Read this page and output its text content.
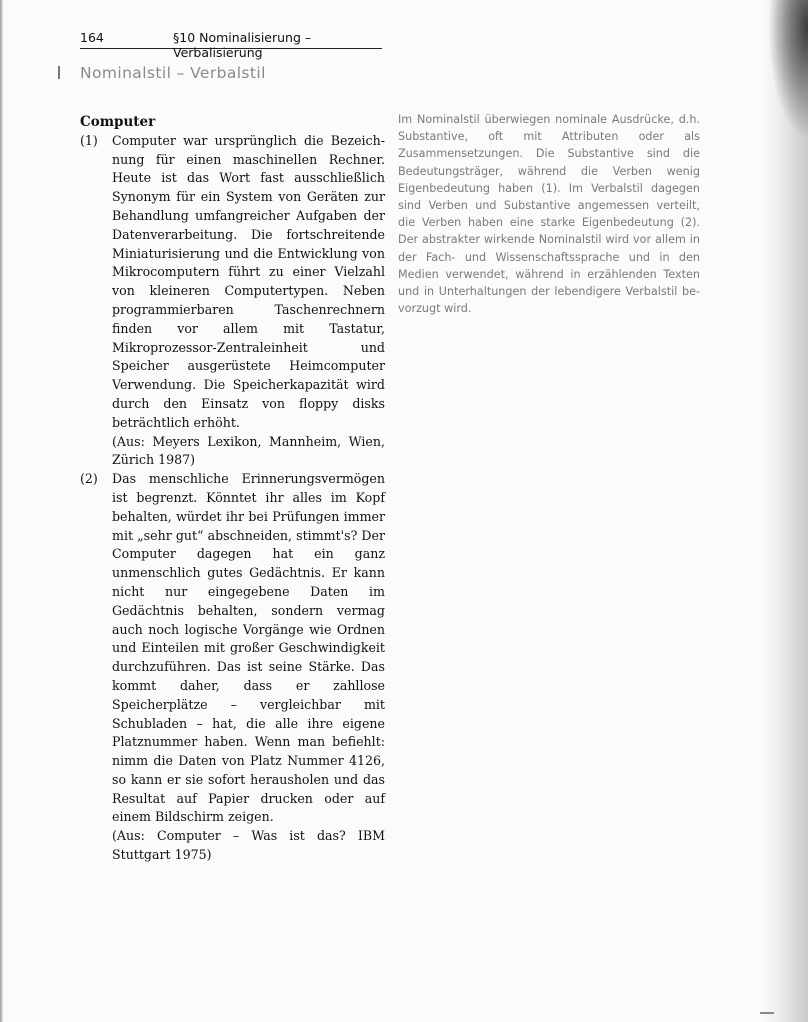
164	§10 Nominalisierung – Verbalisierung
Nominalstil – Verbalstil

Computer

(1)	Computer war ursprünglich die Bezeichnung für einen maschinellen Rechner. Heute ist das Wort fast ausschließlich Synonym für ein System von Geräten zur Behandlung umfangreicher Aufgaben der Datenverarbeitung. Die fortschreitende Miniaturisierung und die Entwicklung von Mikrocomputern führt zu einer Vielzahl von kleineren Computertypen. Neben programmierbaren Taschenrechnern finden vor allem mit Tastatur, Mikroprozessor-Zentraleinheit und Speicher ausgerüstete Heimcomputer Verwendung. Die Speicherkapazität wird durch den Einsatz von floppy disks beträchtlich erhöht.

(Aus: Meyers Lexikon, Mannheim, Wien, Zürich 1987)

(2)	Das menschliche Erinnerungsvermögen ist begrenzt. Könntet ihr alles im Kopf behalten, würdet ihr bei Prüfungen immer mit „sehr gut“ abschneiden, stimmt's? Der Computer dagegen hat ein ganz unmenschlich gutes Gedächtnis. Er kann nicht nur eingegebene Daten im Gedächtnis behalten, sondern vermag auch noch logische Vorgänge wie Ordnen und Einteilen mit großer Geschwindigkeit durchzuführen. Das ist seine Stärke. Das kommt daher, dass er zahllose Speicherplätze – vergleichbar mit Schubladen – hat, die alle ihre eigene Platznummer haben. Wenn man befiehlt: nimm die Daten von Platz Nummer 4126, so kann er sie sofort herausholen und das Resultat auf Papier drucken oder auf einem Bildschirm zeigen.

(Aus: Computer – Was ist das? IBM Stuttgart 1975)

Im Nominalstil überwiegen nominale Ausdrücke, d.h. Substantive, oft mit Attributen oder als Zusammensetzungen. Die Substantive sind die Bedeutungsträger, während die Verben wenig Eigenbedeutung haben (1). Im Verbalstil dagegen sind Verben und Substantive angemessen verteilt, die Verben haben eine starke Eigenbedeutung (2). Der abstrakter wirkende Nominalstil wird vor allem in der Fach- und Wissenschaftssprache und in den Medien verwendet, während in erzählenden Texten und in Unterhaltungen der lebendigere Verbalstil bevorzugt wird.
